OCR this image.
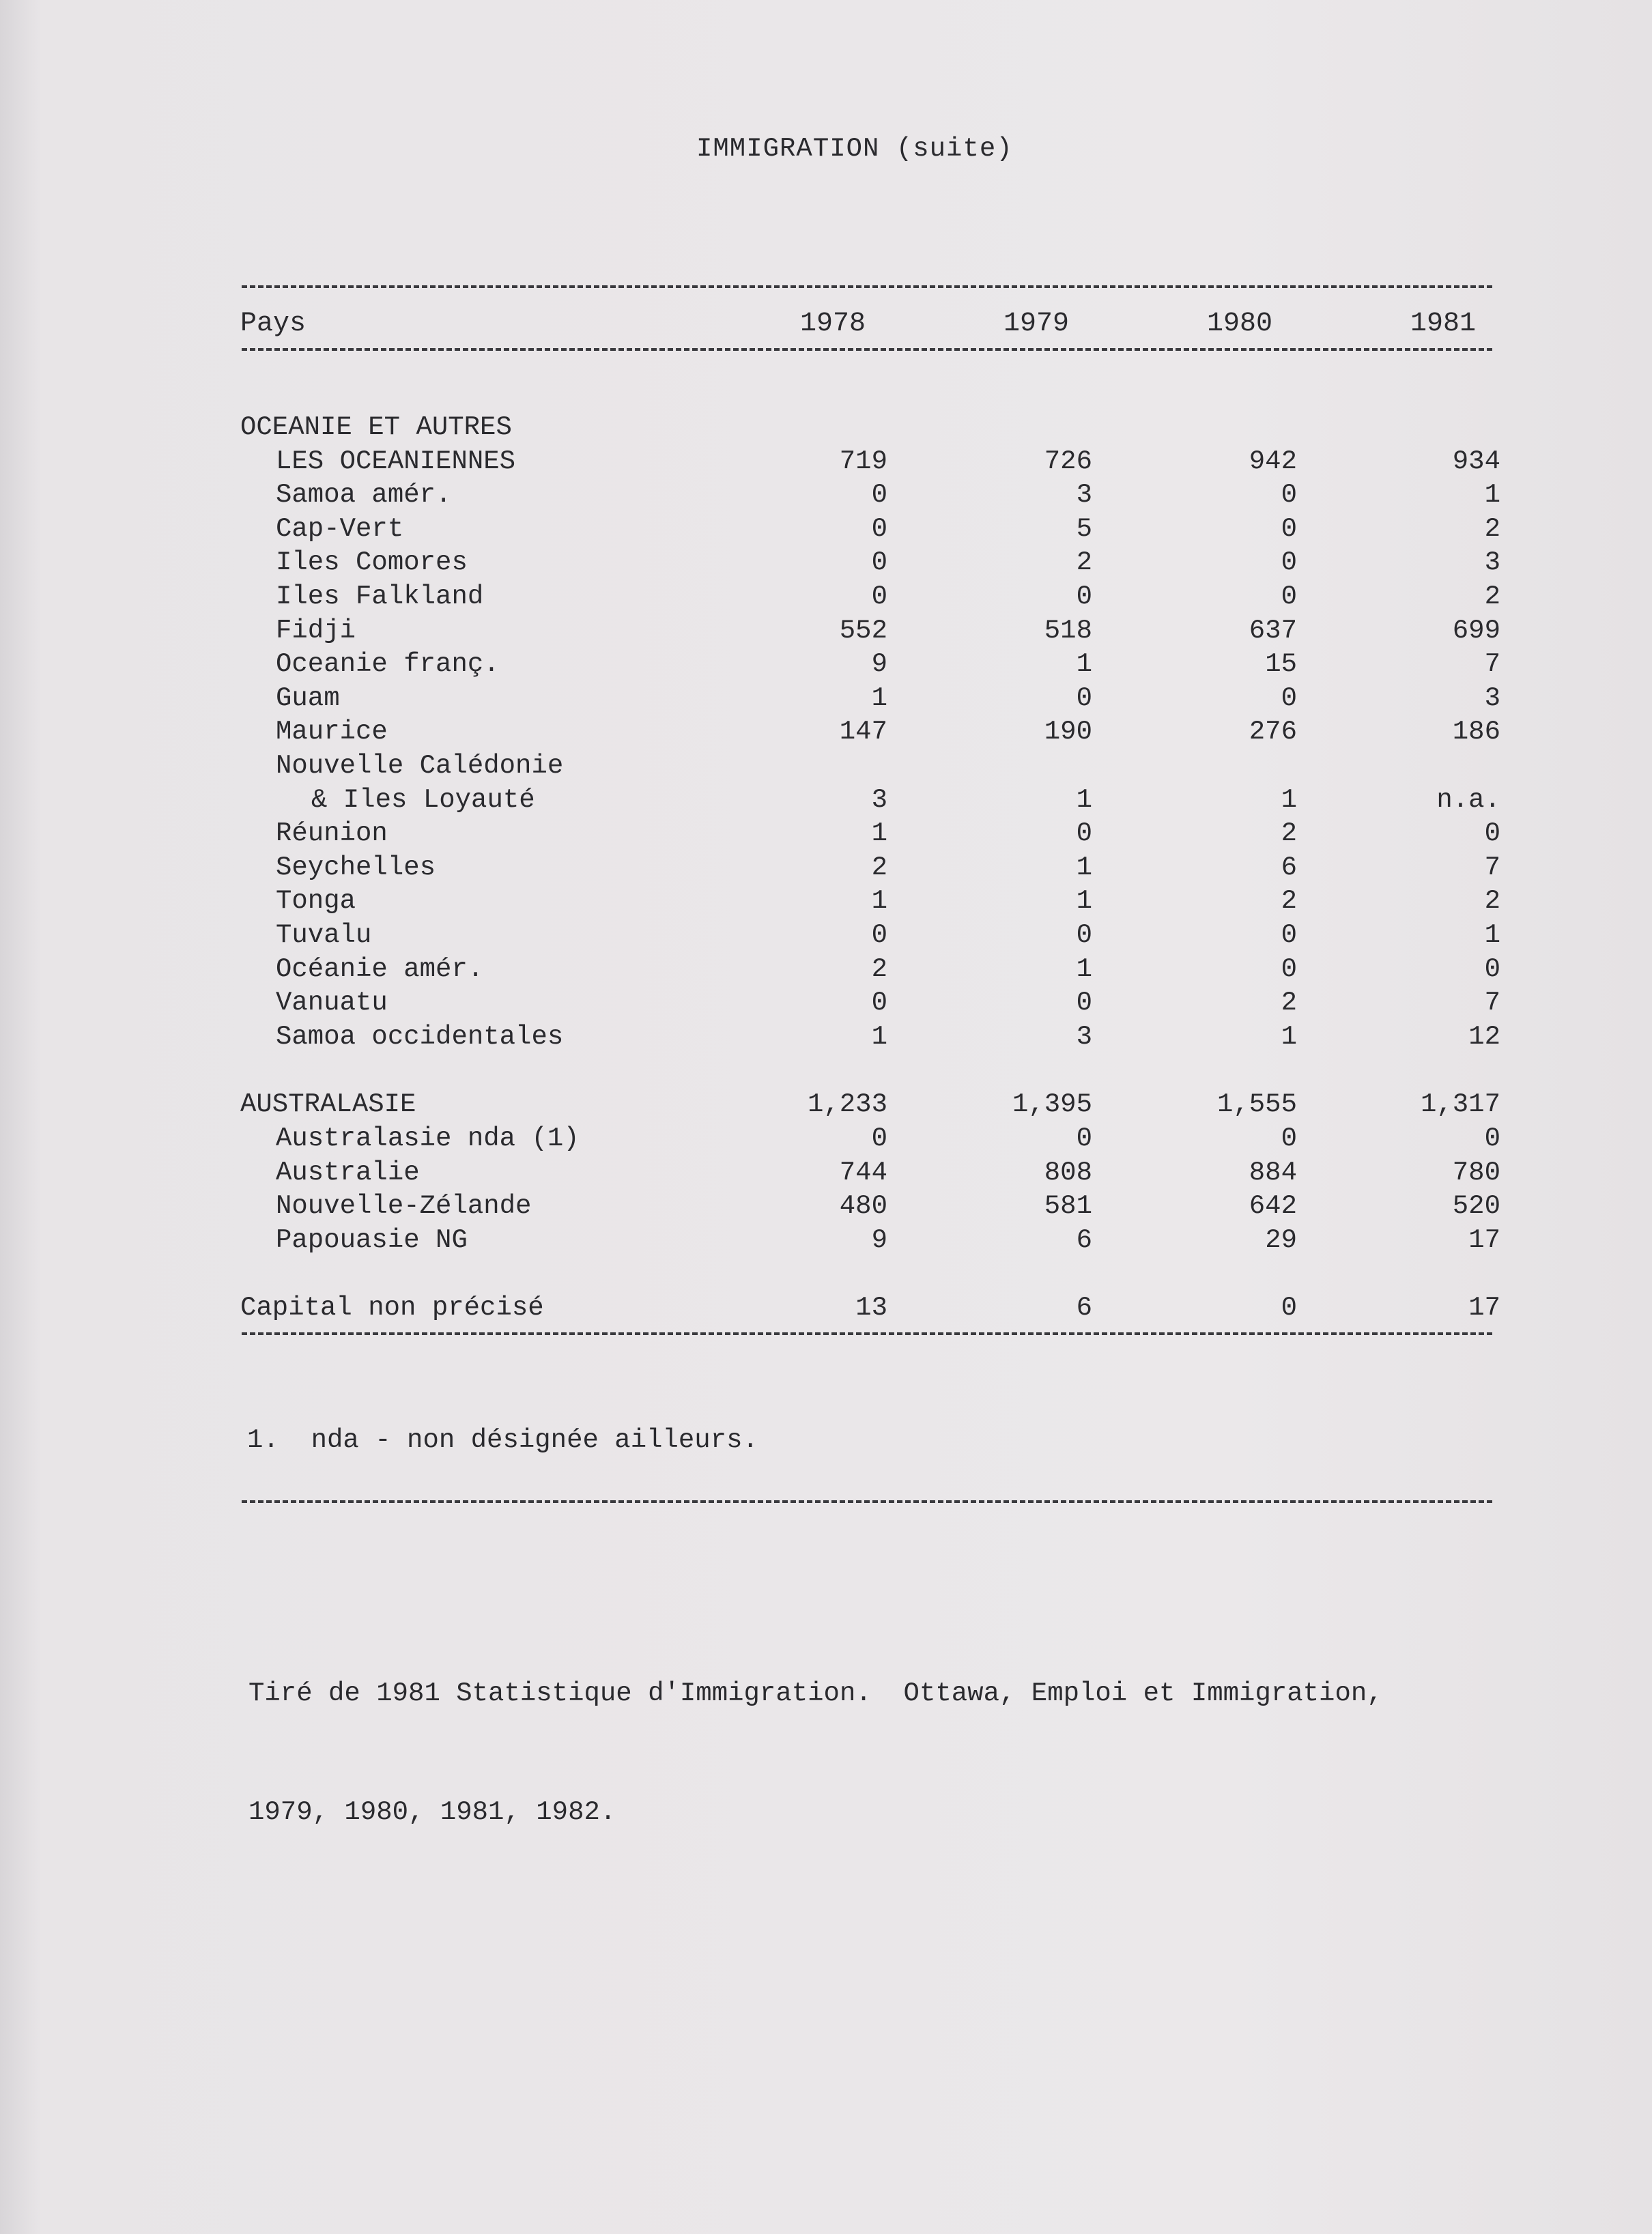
IMMIGRATION (suite)
Pays	1978	1979	1980	1981
OCEANIE ET AUTRES
LES OCEANIENNES	719	726	942	934
Samoa amér.	0	3	0	1
Cap-Vert	0	5	0	2
Iles Comores	0	2	0	3
Iles Falkland	0	0	0	2
Fidji	552	518	637	699
Oceanie franç.	9	1	15	7
Guam	1	0	0	3
Maurice	147	190	276	186
Nouvelle Calédonie
& Iles Loyauté	3	1	1	n.a.
Réunion	1	0	2	0
Seychelles	2	1	6	7
Tonga	1	1	2	2
Tuvalu	0	0	0	1
Océanie amér.	2	1	0	0
Vanuatu	0	0	2	7
Samoa occidentales	1	3	1	12
AUSTRALASIE	1,233	1,395	1,555	1,317
Australasie nda (1)	0	0	0	0
Australie	744	808	884	780
Nouvelle-Zélande	480	581	642	520
Papouasie NG	9	6	29	17
Capital non précisé	13	6	0	17
1.  nda - non désignée ailleurs.

Tiré de 1981 Statistique d'Immigration.  Ottawa, Emploi et Immigration,

1979, 1980, 1981, 1982.
